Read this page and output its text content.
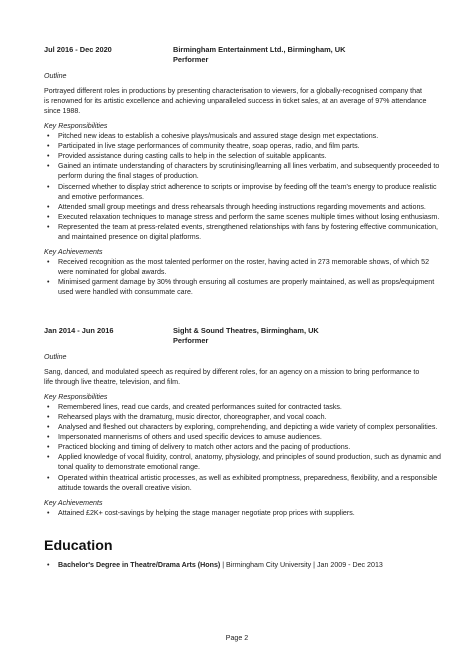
Jul 2016 - Dec 2020	Birmingham Entertainment Ltd., Birmingham, UK
Performer

Outline

Portrayed different roles in productions by presenting characterisation to viewers, for a globally-recognised company that is renowned for its artistic excellence and achieving unparalleled success in ticket sales, at an average of 97% attendance since 1988.

Key Responsibilities

• Pitched new ideas to establish a cohesive plays/musicals and assured stage design met expectations.
• Participated in live stage performances of community theatre, soap operas, radio, and film parts.
• Provided assistance during casting calls to help in the selection of suitable applicants.
• Gained an intimate understanding of characters by scrutinising/learning all lines verbatim, and subsequently proceeded to perform during the final stages of production.
• Discerned whether to display strict adherence to scripts or improvise by feeding off the team's energy to produce realistic and emotive performances.
• Attended small group meetings and dress rehearsals through heeding instructions regarding movements and actions.
• Executed relaxation techniques to manage stress and perform the same scenes multiple times without losing enthusiasm.
• Represented the team at press-related events, strengthened relationships with fans by fostering effective communication, and maintained presence on digital platforms.

Key Achievements

• Received recognition as the most talented performer on the roster, having acted in 273 memorable shows, of which 52 were nominated for global awards.
• Minimised garment damage by 30% through ensuring all costumes are properly maintained, as well as props/equipment used were handled with consummate care.
Jan 2014 - Jun 2016	Sight & Sound Theatres, Birmingham, UK
Performer

Outline

Sang, danced, and modulated speech as required by different roles, for an agency on a mission to bring performance to life through live theatre, television, and film.

Key Responsibilities

• Remembered lines, read cue cards, and created performances suited for contracted tasks.
• Rehearsed plays with the dramaturg, music director, choreographer, and vocal coach.
• Analysed and fleshed out characters by exploring, comprehending, and depicting a wide variety of complex personalities.
• Impersonated mannerisms of others and used specific devices to amuse audiences.
• Practiced blocking and timing of delivery to match other actors and the pacing of productions.
• Applied knowledge of vocal fluidity, control, anatomy, physiology, and principles of sound production, such as dynamic and tonal quality to demonstrate emotional range.
• Operated within theatrical artistic processes, as well as exhibited promptness, preparedness, flexibility, and a responsible attitude towards the overall creative vision.

Key Achievements

• Attained £2K+ cost-savings by helping the stage manager negotiate prop prices with suppliers.
Education
• Bachelor's Degree in Theatre/Drama Arts (Hons) | Birmingham City University | Jan 2009 - Dec 2013
Page 2
